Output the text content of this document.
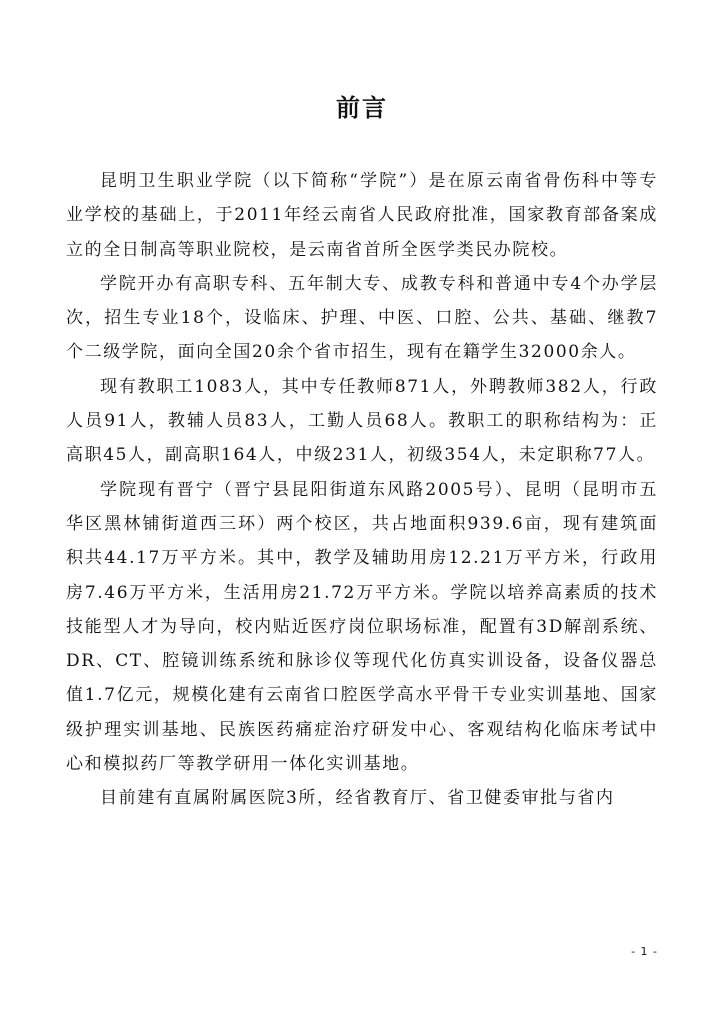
前言

昆明卫生职业学院（以下简称“学院”）是在原云南省骨伤科中等专业学校的基础上，于2011年经云南省人民政府批准，国家教育部备案成立的全日制高等职业院校，是云南省首所全医学类民办院校。

学院开办有高职专科、五年制大专、成教专科和普通中专4个办学层次，招生专业18个，设临床、护理、中医、口腔、公共、基础、继教7个二级学院，面向全国20余个省市招生，现有在籍学生32000余人。

现有教职工1083人，其中专任教师871人，外聘教师382人，行政人员91人，教辅人员83人，工勤人员68人。教职工的职称结构为：正高职45人，副高职164人，中级231人，初级354人，未定职称77人。

学院现有晋宁（晋宁县昆阳街道东风路2005号）、昆明（昆明市五华区黑林铺街道西三环）两个校区，共占地面积939.6亩，现有建筑面积共44.17万平方米。其中，教学及辅助用房12.21万平方米，行政用房7.46万平方米，生活用房21.72万平方米。学院以培养高素质的技术技能型人才为导向，校内贴近医疗岗位职场标准，配置有3D解剖系统、DR、CT、腔镜训练系统和脉诊仪等现代化仿真实训设备，设备仪器总值1.7亿元，规模化建有云南省口腔医学高水平骨干专业实训基地、国家级护理实训基地、民族医药痛症治疗研发中心、客观结构化临床考试中心和模拟药厂等教学研用一体化实训基地。

目前建有直属附属医院3所，经省教育厅、省卫健委审批与省内

- 1 -
